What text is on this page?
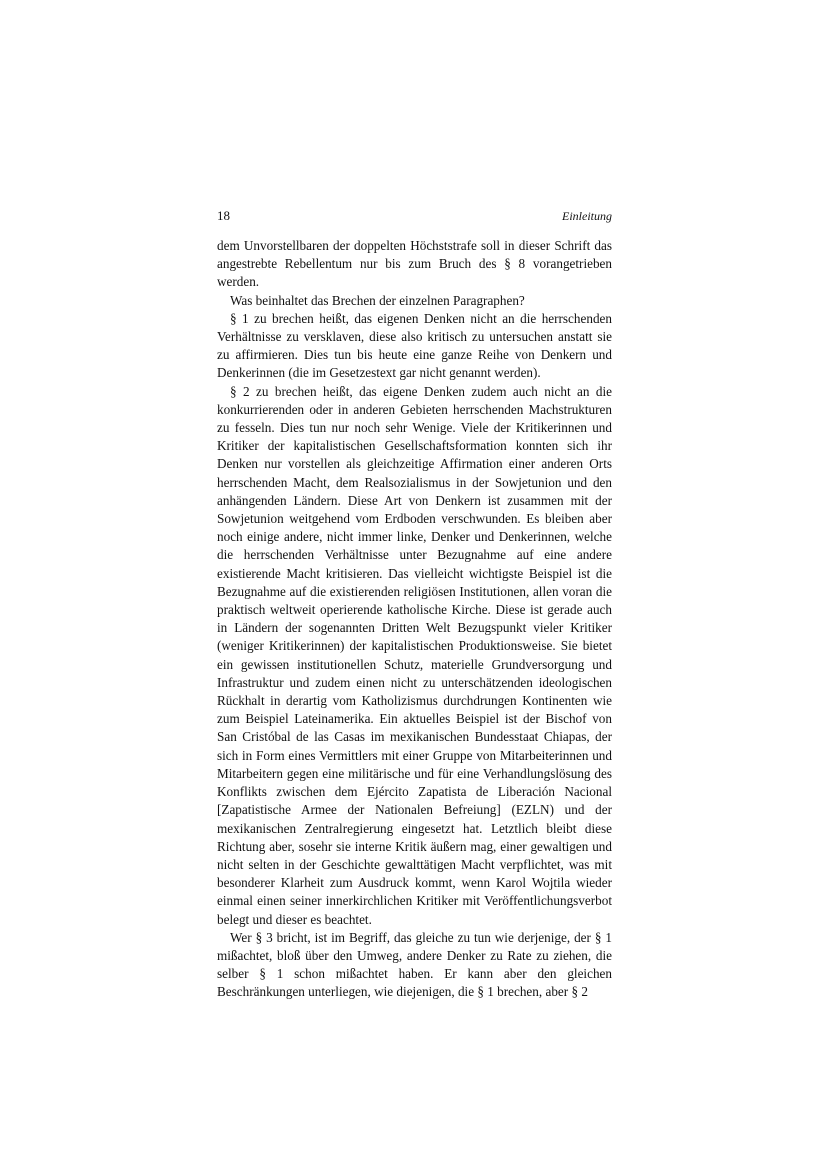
18	Einleitung

dem Unvorstellbaren der doppelten Höchststrafe soll in dieser Schrift das angestrebte Rebellentum nur bis zum Bruch des § 8 vorangetrieben werden.

Was beinhaltet das Brechen der einzelnen Paragraphen?

§ 1 zu brechen heißt, das eigenen Denken nicht an die herrschenden Verhältnisse zu versklaven, diese also kritisch zu untersuchen anstatt sie zu affirmieren. Dies tun bis heute eine ganze Reihe von Denkern und Denkerinnen (die im Gesetzestext gar nicht genannt werden).

§ 2 zu brechen heißt, das eigene Denken zudem auch nicht an die konkurrierenden oder in anderen Gebieten herrschenden Machstrukturen zu fesseln. Dies tun nur noch sehr Wenige. Viele der Kritikerinnen und Kritiker der kapitalistischen Gesellschaftsformation konnten sich ihr Denken nur vorstellen als gleichzeitige Affirmation einer anderen Orts herrschenden Macht, dem Realsozialismus in der Sowjetunion und den anhängenden Ländern. Diese Art von Denkern ist zusammen mit der Sowjetunion weitgehend vom Erdboden verschwunden. Es bleiben aber noch einige andere, nicht immer linke, Denker und Denkerinnen, welche die herrschenden Verhältnisse unter Bezugnahme auf eine andere existierende Macht kritisieren. Das vielleicht wichtigste Beispiel ist die Bezugnahme auf die existierenden religiösen Institutionen, allen voran die praktisch weltweit operierende katholische Kirche. Diese ist gerade auch in Ländern der sogenannten Dritten Welt Bezugspunkt vieler Kritiker (weniger Kritikerinnen) der kapitalistischen Produktionsweise. Sie bietet ein gewissen institutionellen Schutz, materielle Grundversorgung und Infrastruktur und zudem einen nicht zu unterschätzenden ideologischen Rückhalt in derartig vom Katholizismus durchdrungen Kontinenten wie zum Beispiel Lateinamerika. Ein aktuelles Beispiel ist der Bischof von San Cristóbal de las Casas im mexikanischen Bundesstaat Chiapas, der sich in Form eines Vermittlers mit einer Gruppe von Mitarbeiterinnen und Mitarbeitern gegen eine militärische und für eine Verhandlungslösung des Konflikts zwischen dem Ejército Zapatista de Liberación Nacional [Zapatistische Armee der Nationalen Befreiung] (EZLN) und der mexikanischen Zentralregierung eingesetzt hat. Letztlich bleibt diese Richtung aber, sosehr sie interne Kritik äußern mag, einer gewaltigen und nicht selten in der Geschichte gewalttätigen Macht verpflichtet, was mit besonderer Klarheit zum Ausdruck kommt, wenn Karol Wojtila wieder einmal einen seiner innerkirchlichen Kritiker mit Veröffentlichungsverbot belegt und dieser es beachtet.

Wer § 3 bricht, ist im Begriff, das gleiche zu tun wie derjenige, der § 1 mißachtet, bloß über den Umweg, andere Denker zu Rate zu ziehen, die selber § 1 schon mißachtet haben. Er kann aber den gleichen Beschränkungen unterliegen, wie diejenigen, die § 1 brechen, aber § 2
